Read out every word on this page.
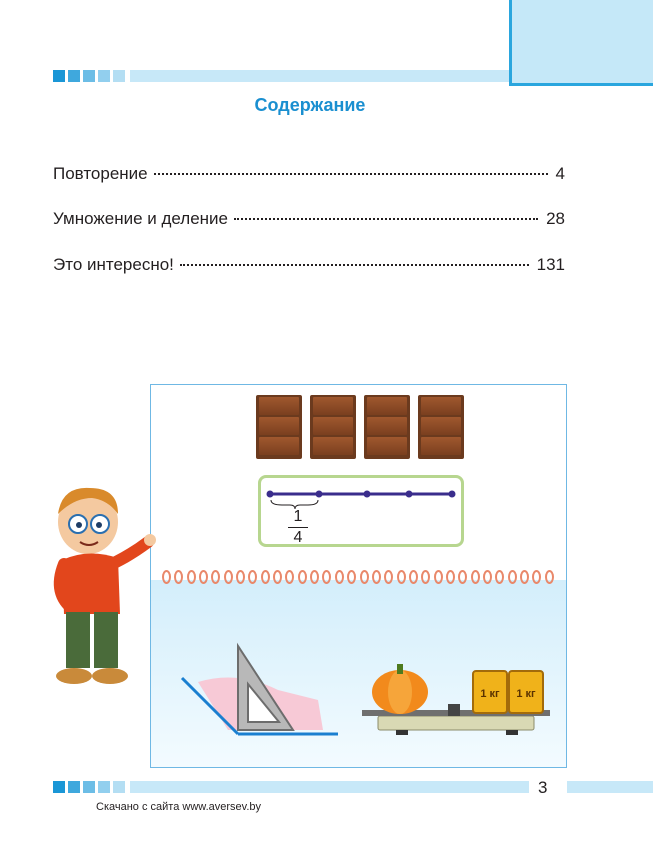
Содержание
Повторение	4
Умножение и деление	28
Это интересно!	131
1
4
1 кг	1 кг
3
Скачано с сайта www.aversev.by
